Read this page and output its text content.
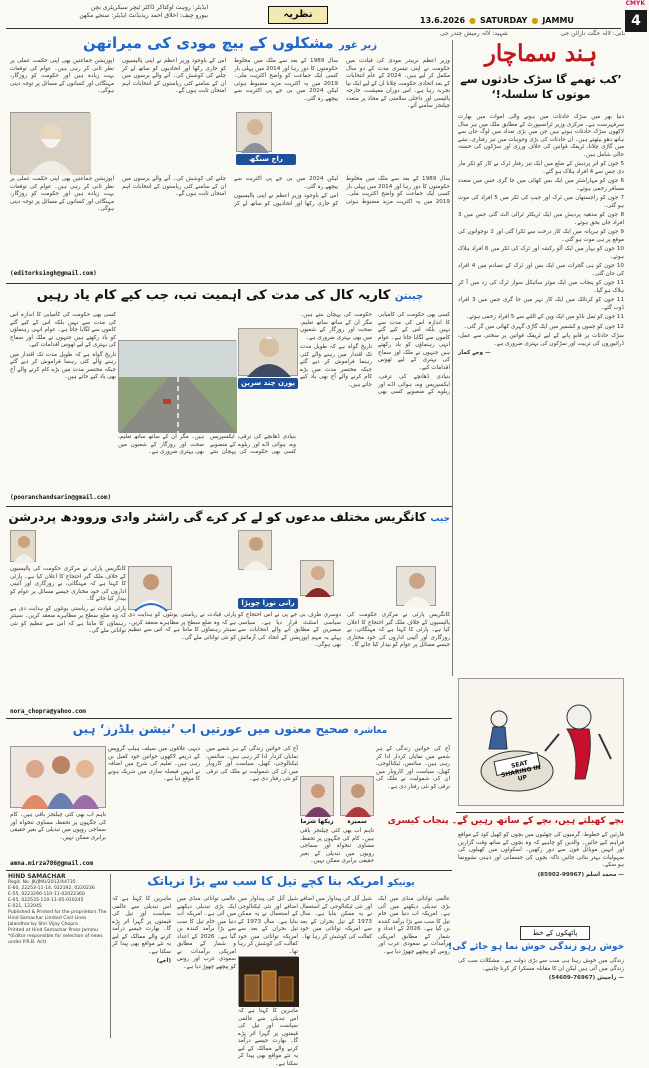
CMYK
4
13.6.2026 ● SATURDAY ● JAMMU
ایڈیٹر: روہت اوکتاکر ڈاکٹر ٹیچر سیکریٹری بچن
بیورو چیف: اخلاق احمد ریذیڈنٹ ایڈیٹر: سنجے مکھن	نظریہ
بانی: لالہ جگت نارائن جی
شہید: لالہ رمیش چندر جی
ہند سماچار
’کب تھمے گا سڑک حادثوں سے موتوں کا سلسلہ!‘

دنیا بھر میں سڑک حادثات میں ہونے والی اموات میں بھارت سرفہرست ہے۔ مرکزی وزیر ٹرانسپورٹ کے مطابق ملک میں ہر سال لاکھوں سڑک حادثات ہوتے ہیں جن میں بڑی تعداد میں لوگ جان سے ہاتھ دھو بیٹھتے ہیں۔ ان حادثات کی بڑی وجوہات میں تیز رفتاری، نشے میں گاڑی چلانا، ٹریفک قوانین کی خلاف ورزی اور سڑکوں کی خستہ حالی شامل ہیں۔

5 جون کو اتر پردیش کے ضلع میں ایک تیز رفتار ٹرک نے کار کو ٹکر مار دی جس سے 4 افراد ہلاک ہو گئے۔

6 جون کو مہاراشٹر میں ایک بس کھائی میں جا گری جس میں متعدد مسافر زخمی ہوئے۔

7 جون کو راجستھان میں ٹرک اور جیپ کی ٹکر میں 5 افراد کی موت ہو گئی۔

8 جون کو مدھیہ پردیش میں ایک ٹریکٹر ٹرالی الٹ گئی جس میں 3 افراد جاں بحق ہوئے۔

9 جون کو ہریانہ میں ایک کار درخت سے ٹکرا گئی اور 2 نوجوانوں کی موقع پر ہی موت ہو گئی۔

10 جون کو بہار میں ایک آٹو رکشہ اور ٹرک کی ٹکر میں 6 افراد ہلاک ہوئے۔

10 جون کو ہی گجرات میں ایک بس اور ٹرک کے تصادم میں 4 افراد کی جان گئی۔

11 جون کو پنجاب میں ایک موٹر سائیکل سوار ٹرک کی زد میں آ کر ہلاک ہو گیا۔

11 جون کو کرناٹک میں ایک کار نہر میں جا گری جس میں 3 افراد ڈوب گئے۔

11 جون کو تمل ناڈو میں ایک وین کے الٹنے سے 5 افراد زخمی ہوئے۔

12 جون کو جموں و کشمیر میں ایک گاڑی گہری کھائی میں گر گئی۔

سڑک حادثات پر قابو پانے کے لیے ٹریفک قوانین پر سختی سے عمل، ڈرائیوروں کی تربیت اور سڑکوں کی بہتری ضروری ہے۔

— وجے کمار

SEAT SHARING IN UP
بچے کھیلتے ہیں، بچے کے ساتھ رہیں گے۔ پنجاب کیسری

قارئین کے خطوط: گرمیوں کی چھٹیوں میں بچوں کو کھیل کود کے مواقع فراہم کیے جائیں۔ والدین کو چاہیے کہ وہ بچوں کے ساتھ وقت گزاریں اور انہیں موبائل فون سے دور رکھیں۔ اسکولوں میں کھیلوں کی سہولیات بہتر بنائی جائیں تاکہ بچوں کی جسمانی اور ذہنی نشوونما ہو سکے۔

— محمد اسلم (99967-85902)

پاٹھکوں کے خط
خوش رہو زندگی خوش نما ہو جائے گی!

زندگی میں خوش رہنا ہی سب سے بڑی دولت ہے۔ مشکلات سب کی زندگی میں آتی ہیں لیکن ان کا مقابلہ مسکرا کر کرنا چاہیے۔

— راجیش (76967-54609)

زیر غور مشکلوں کے بیچ مودی کی میراتھن

وزیر اعظم نریندر مودی کی قیادت میں حکومت نے اپنی تیسری مدت کے دو سال مکمل کر لیے ہیں۔ 2024 کے عام انتخابات کے بعد اتحادی حکومت چلانا ان کے لیے ایک نیا تجربہ رہا ہے۔ اس دوران معیشت، خارجہ پالیسی اور داخلی سلامتی کے محاذ پر متعدد چیلنجز سامنے آئے۔

سال 1989 کے بعد سے ملک میں مخلوط حکومتوں کا دور رہا اور 2014 میں پہلی بار کسی ایک جماعت کو واضح اکثریت ملی۔ 2019 میں یہ اکثریت مزید مضبوط ہوئی لیکن 2024 میں بی جے پی اکثریت سے پیچھے رہ گئی۔

اس کے باوجود وزیر اعظم نے اپنی پالیسیوں کو جاری رکھا اور اتحادیوں کو ساتھ لے کر چلنے کی کوشش کی۔ آنے والے برسوں میں ان کے سامنے کئی ریاستوں کے انتخابات اہم امتحان ثابت ہوں گے۔

اپوزیشن جماعتیں بھی اپنی حکمت عملی پر نظر ثانی کر رہی ہیں۔ عوام کی توقعات بہت زیادہ ہیں اور حکومت کو روزگار، مہنگائی اور کسانوں کے مسائل پر توجہ دینی ہوگی۔

راج سنگھ
(editorksingh@gmail.com)

سال 1989 کے بعد سے ملک میں مخلوط حکومتوں کا دور رہا اور 2014 میں پہلی بار کسی ایک جماعت کو واضح اکثریت ملی۔ 2019 میں یہ اکثریت مزید مضبوط ہوئی لیکن 2024 میں بی جے پی اکثریت سے پیچھے رہ گئی۔

اس کے باوجود وزیر اعظم نے اپنی پالیسیوں کو جاری رکھا اور اتحادیوں کو ساتھ لے کر چلنے کی کوشش کی۔ آنے والے برسوں میں ان کے سامنے کئی ریاستوں کے انتخابات اہم امتحان ثابت ہوں گے۔

اپوزیشن جماعتیں بھی اپنی حکمت عملی پر نظر ثانی کر رہی ہیں۔ عوام کی توقعات بہت زیادہ ہیں اور حکومت کو روزگار، مہنگائی اور کسانوں کے مسائل پر توجہ دینی ہوگی۔

چینتن کاریہ کال کی مدت کی اہمیت تب، جب کیے کام یاد رہیں
پورن چند سرین

کسی بھی حکومت کی کامیابی کا اندازہ اس کی مدت سے نہیں بلکہ اس کے کیے گئے کاموں سے لگایا جاتا ہے۔ عوام انہی رہنماؤں کو یاد رکھتے ہیں جنہوں نے ملک اور سماج کی بہتری کے لیے ٹھوس اقدامات کیے۔

تاریخ گواہ ہے کہ طویل مدت تک اقتدار میں رہنے والے کئی رہنما فراموش کر دیے گئے جبکہ مختصر مدت میں بڑے کام کرنے والے آج بھی یاد کیے جاتے ہیں۔

بنیادی ڈھانچے کی ترقی، ایکسپریس وے، ہوائی اڈے اور ریلوے کے منصوبے کسی بھی حکومت کی پہچان بنتے ہیں۔ مگر ان کے ساتھ ساتھ تعلیم، صحت اور روزگار کے شعبوں میں بھی بہتری ضروری ہے۔

کسی بھی حکومت کی کامیابی کا اندازہ اس کی مدت سے نہیں بلکہ اس کے کیے گئے کاموں سے لگایا جاتا ہے۔ عوام انہی رہنماؤں کو یاد رکھتے ہیں جنہوں نے ملک اور سماج کی بہتری کے لیے ٹھوس اقدامات کیے۔

بنیادی ڈھانچے کی ترقی، ایکسپریس وے، ہوائی اڈے اور ریلوے کے منصوبے کسی بھی حکومت کی پہچان بنتے ہیں۔ مگر ان کے ساتھ ساتھ تعلیم، صحت اور روزگار کے شعبوں میں بھی بہتری ضروری ہے۔

تاریخ گواہ ہے کہ طویل مدت تک اقتدار میں رہنے والے کئی رہنما فراموش کر دیے گئے جبکہ مختصر مدت میں بڑے کام کرنے والے آج بھی یاد کیے جاتے ہیں۔

(pooranchandsarin@gmail.com)
جیب کانگریس مختلف مدعوں کو لے کر کرے گی راشٹر وادی وروودھ پردرشن
رانی نورا چوپڑا

کانگریس پارٹی نے مرکزی حکومت کی پالیسیوں کے خلاف ملک گیر احتجاج کا اعلان کیا ہے۔ پارٹی کا کہنا ہے کہ مہنگائی، بے روزگاری اور آئینی اداروں کی خود مختاری جیسے مسائل پر عوام کو بیدار کیا جائے گا۔

پارٹی قیادت نے ریاستی یونٹوں کو ہدایت دی ہے کہ وہ ضلع سطح پر مظاہرے منعقد کریں۔ سینئر رہنماؤں کا ماننا ہے کہ اس سے تنظیم کو نئی توانائی ملے گی۔

پارٹی قیادت نے ریاستی یونٹوں کو ہدایت دی ہے کہ وہ ضلع سطح پر مظاہرے منعقد کریں۔ سینئر رہنماؤں کا ماننا ہے کہ اس سے تنظیم کو نئی توانائی ملے گی۔

کانگریس پارٹی نے مرکزی حکومت کی پالیسیوں کے خلاف ملک گیر احتجاج کا اعلان کیا ہے۔ پارٹی کا کہنا ہے کہ مہنگائی، بے روزگاری اور آئینی اداروں کی خود مختاری جیسے مسائل پر عوام کو بیدار کیا جائے گا۔

دوسری طرف بی جے پی نے اس احتجاج کو سیاسی اسٹنٹ قرار دیا ہے۔ سیاسی مبصرین کے مطابق آنے والے انتخابات سے پہلے یہ مہم اپوزیشن کے اتحاد کی آزمائش بھی ہوگی۔

nora_chopra@yahoo.com
معاشرہ صحیح معنوں میں عورتیں اب ’نیشن بلڈرز‘ ہیں
ریکھا شرما	سمیرہ

آج کی خواتین زندگی کے ہر شعبے میں نمایاں کردار ادا کر رہی ہیں۔ سائنس، ٹیکنالوجی، کھیل، سیاست اور کاروبار میں ان کی شمولیت نے ملک کی ترقی کو نئی رفتار دی ہے۔

دیہی علاقوں میں سیلف ہیلپ گروپس کے ذریعے لاکھوں خواتین خود کفیل بن رہی ہیں۔ تعلیم کی شرح میں اضافہ نے انہیں فیصلہ سازی میں شریک ہونے کا موقع دیا ہے۔

آج کی خواتین زندگی کے ہر شعبے میں نمایاں کردار ادا کر رہی ہیں۔ سائنس، ٹیکنالوجی، کھیل، سیاست اور کاروبار میں ان کی شمولیت نے ملک کی ترقی کو نئی رفتار دی ہے۔

تاہم اب بھی کئی چیلنجز باقی ہیں۔ کام کی جگہوں پر تحفظ، مساوی تنخواہ اور سماجی رویوں میں تبدیلی کے بغیر حقیقی برابری ممکن نہیں۔

تاہم اب بھی کئی چیلنجز باقی ہیں۔ کام کی جگہوں پر تحفظ، مساوی تنخواہ اور سماجی رویوں میں تبدیلی کے بغیر حقیقی برابری ممکن نہیں۔

amna.mirza786@gmail.com
HIND SAMACHAR
Regd. No. JK/JMU/2012/44735
E-60, 22253-11-14, 022192, 0220236
E-55, 0223290-110-11-02022360
E-05, 022535-110-11-05-010245
E-021, 122045
Published & Printed for the proprietors The Hind Samachar Limited Civil Lines Jalandhar by Shri Vijay Chopra
Printed at Hind Samachar Press Jammu
*(Editor responsible for selection of news under P.R.B. Act)
یونیکو امریکہ بنا کچے تیل کا سب سے بڑا نریاتک

عالمی توانائی منڈی میں ایک بڑی تبدیلی دیکھنے میں آئی ہے۔ امریکہ اب دنیا میں خام تیل کا سب سے بڑا برآمد کنندہ بن گیا ہے۔ 2026 کے اعداد و شمار کے مطابق امریکی برآمدات نے سعودی عرب اور روس کو پیچھے چھوڑ دیا ہے۔

ماہرین کا کہنا ہے کہ اس تبدیلی سے عالمی سیاست اور تیل کی قیمتوں پر گہرا اثر پڑے گا۔ بھارت جیسے درآمد کرنے والے ممالک کے لیے یہ نئے مواقع بھی پیدا کر سکتا ہے۔

(اجے)

شیل آئل کی پیداوار میں اضافے اور نئی ٹیکنالوجی کے استعمال نے یہ ممکن بنایا ہے۔ سال 1973 کے تیل بحران کے بعد سے امریکہ توانائی میں خود کفالت کی کوشش کر رہا تھا۔

ماہرین کا کہنا ہے کہ اس تبدیلی سے عالمی سیاست اور تیل کی قیمتوں پر گہرا اثر پڑے گا۔ بھارت جیسے درآمد کرنے والے ممالک کے لیے یہ نئے مواقع بھی پیدا کر سکتا ہے۔

عالمی توانائی منڈی میں ایک بڑی تبدیلی دیکھنے میں آئی ہے۔ امریکہ اب دنیا میں خام تیل کا سب سے بڑا برآمد کنندہ بن گیا ہے۔ 2026 کے اعداد و شمار کے مطابق امریکی برآمدات نے سعودی عرب اور روس کو پیچھے چھوڑ دیا ہے۔

شیل آئل کی پیداوار میں اضافے اور نئی ٹیکنالوجی کے استعمال نے یہ ممکن بنایا ہے۔ سال 1973 کے تیل بحران کے بعد سے امریکہ توانائی میں خود کفالت کی کوشش کر رہا تھا۔
